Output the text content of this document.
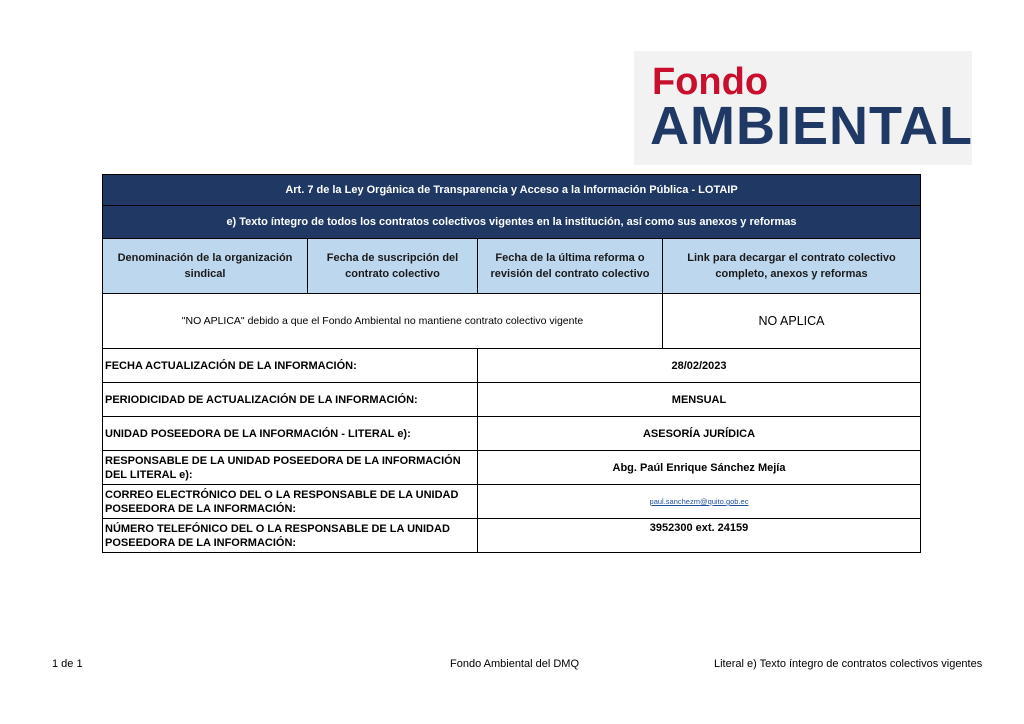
Fondo
AMBIENTAL
Art. 7 de la Ley Orgánica de Transparencia y Acceso a la Información Pública - LOTAIP			
e) Texto íntegro de todos los contratos colectivos vigentes en la institución, así como sus anexos y reformas			
Denominación de la organización sindical	Fecha de suscripción del contrato colectivo	Fecha de la última reforma o revisión del contrato colectivo	Link para decargar el contrato colectivo completo, anexos y reformas
"NO APLICA" debido a que el Fondo Ambiental no mantiene contrato colectivo vigente			NO APLICA
FECHA ACTUALIZACIÓN DE LA INFORMACIÓN:		28/02/2023	
PERIODICIDAD DE ACTUALIZACIÓN DE LA INFORMACIÓN:		MENSUAL	
UNIDAD POSEEDORA DE LA INFORMACIÓN - LITERAL e):		ASESORÍA JURÍDICA	
RESPONSABLE DE LA UNIDAD POSEEDORA DE LA INFORMACIÓN DEL LITERAL e):		Abg. Paúl Enrique Sánchez Mejía	
CORREO ELECTRÓNICO DEL O LA RESPONSABLE DE LA UNIDAD POSEEDORA DE LA INFORMACIÓN:		paul.sanchezm@quito.gob.ec	
NÚMERO TELEFÓNICO DEL O LA RESPONSABLE DE LA UNIDAD POSEEDORA DE LA INFORMACIÓN:		3952300 ext. 24159	
1 de 1	Fondo Ambiental del DMQ	Literal e) Texto íntegro de contratos colectivos vigentes
